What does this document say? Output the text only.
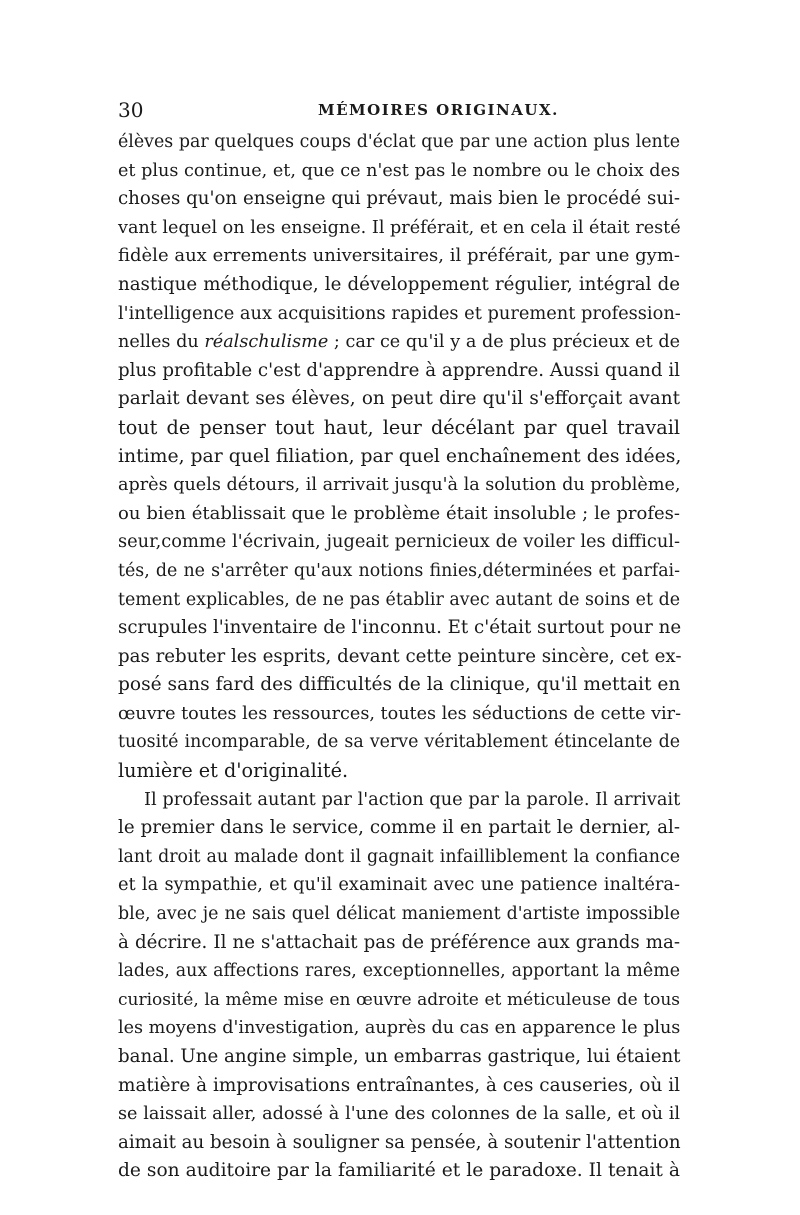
30	MÉMOIRES ORIGINAUX.
élèves par quelques coups d'éclat que par une action plus lente
et plus continue, et, que ce n'est pas le nombre ou le choix des
choses qu'on enseigne qui prévaut, mais bien le procédé sui-
vant lequel on les enseigne. Il préférait, et en cela il était resté
fidèle aux errements universitaires, il préférait, par une gym-
nastique méthodique, le développement régulier, intégral de
l'intelligence aux acquisitions rapides et purement profession-
nelles du réalschulisme ; car ce qu'il y a de plus précieux et de
plus profitable c'est d'apprendre à apprendre. Aussi quand il
parlait devant ses élèves, on peut dire qu'il s'efforçait avant
tout de penser tout haut, leur décélant par quel travail
intime, par quel filiation, par quel enchaînement des idées,
après quels détours, il arrivait jusqu'à la solution du problème,
ou bien établissait que le problème était insoluble ; le profes-
seur,comme l'écrivain, jugeait pernicieux de voiler les difficul-
tés, de ne s'arrêter qu'aux notions finies,déterminées et parfai-
tement explicables, de ne pas établir avec autant de soins et de
scrupules l'inventaire de l'inconnu. Et c'était surtout pour ne
pas rebuter les esprits, devant cette peinture sincère, cet ex-
posé sans fard des difficultés de la clinique, qu'il mettait en
œuvre toutes les ressources, toutes les séductions de cette vir-
tuosité incomparable, de sa verve véritablement étincelante de
lumière et d'originalité.
Il professait autant par l'action que par la parole. Il arrivait
le premier dans le service, comme il en partait le dernier, al-
lant droit au malade dont il gagnait infailliblement la confiance
et la sympathie, et qu'il examinait avec une patience inaltéra-
ble, avec je ne sais quel délicat maniement d'artiste impossible
à décrire. Il ne s'attachait pas de préférence aux grands ma-
lades, aux affections rares, exceptionnelles, apportant la même
curiosité, la même mise en œuvre adroite et méticuleuse de tous
les moyens d'investigation, auprès du cas en apparence le plus
banal. Une angine simple, un embarras gastrique, lui étaient
matière à improvisations entraînantes, à ces causeries, où il
se laissait aller, adossé à l'une des colonnes de la salle, et où il
aimait au besoin à souligner sa pensée, à soutenir l'attention
de son auditoire par la familiarité et le paradoxe. Il tenait à
